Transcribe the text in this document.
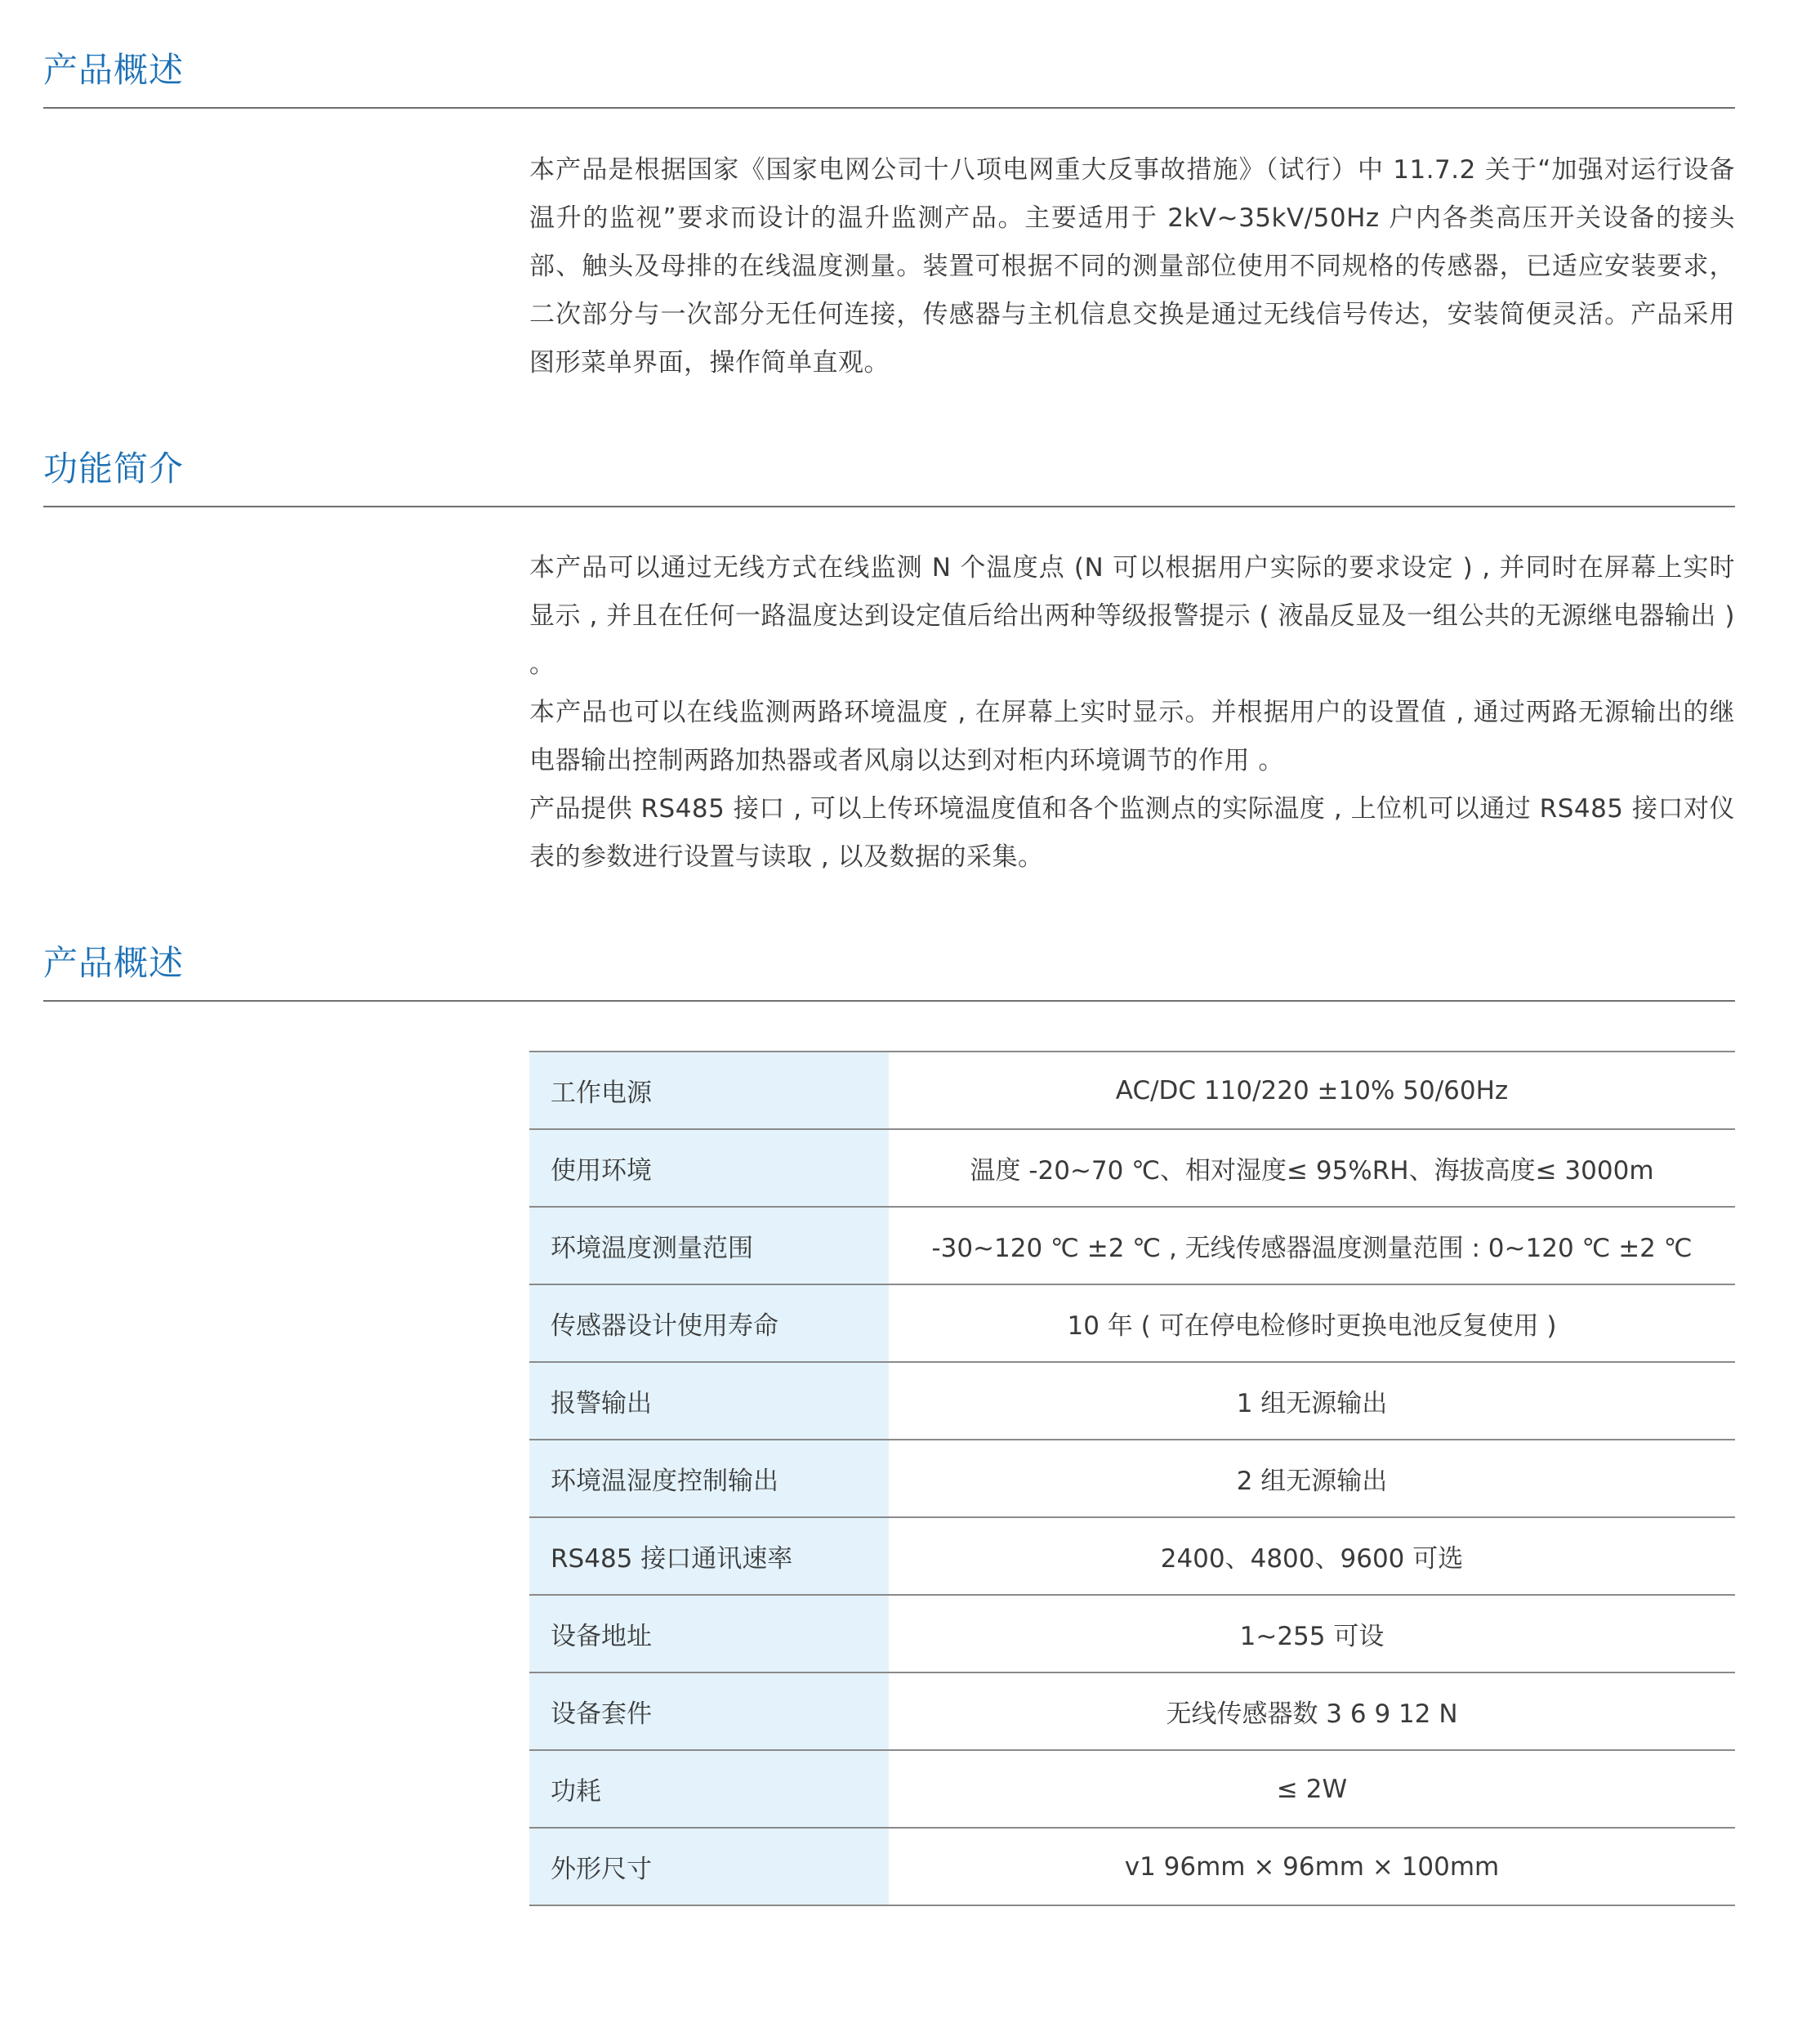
产品概述

本产品是根据国家《国家电网公司十八项电网重大反事故措施》（试行）中 11.7.2 关于“加强对运行设备温升的监视”要求而设计的温升监测产品。主要适用于 2kV~35kV/50Hz 户内各类高压开关设备的接头部、触头及母排的在线温度测量。装置可根据不同的测量部位使用不同规格的传感器，已适应安装要求，二次部分与一次部分无任何连接，传感器与主机信息交换是通过无线信号传达，安装简便灵活。产品采用图形菜单界面，操作简单直观。

功能简介

本产品可以通过无线方式在线监测 N 个温度点 (N 可以根据用户实际的要求设定 ) , 并同时在屏幕上实时显示 , 并且在任何一路温度达到设定值后给出两种等级报警提示 ( 液晶反显及一组公共的无源继电器输出 ) 。

本产品也可以在线监测两路环境温度 , 在屏幕上实时显示。并根据用户的设置值 , 通过两路无源输出的继电器输出控制两路加热器或者风扇以达到对柜内环境调节的作用 。

产品提供 RS485 接口 , 可以上传环境温度值和各个监测点的实际温度 , 上位机可以通过 RS485 接口对仪表的参数进行设置与读取 , 以及数据的采集。

产品概述
工作电源	AC/DC 110/220 ±10% 50/60Hz
使用环境	温度 -20~70 ℃、相对湿度≤ 95%RH、海拔高度≤ 3000m
环境温度测量范围	-30~120 ℃ ±2 ℃ , 无线传感器温度测量范围 : 0~120 ℃ ±2 ℃
传感器设计使用寿命	10 年 ( 可在停电检修时更换电池反复使用 )
报警输出	1 组无源输出
环境温湿度控制输出	2 组无源输出
RS485 接口通讯速率	2400、4800、9600 可选
设备地址	1~255 可设
设备套件	无线传感器数 3 6 9 12 N
功耗	≤ 2W
外形尺寸	v1 96mm × 96mm × 100mm
